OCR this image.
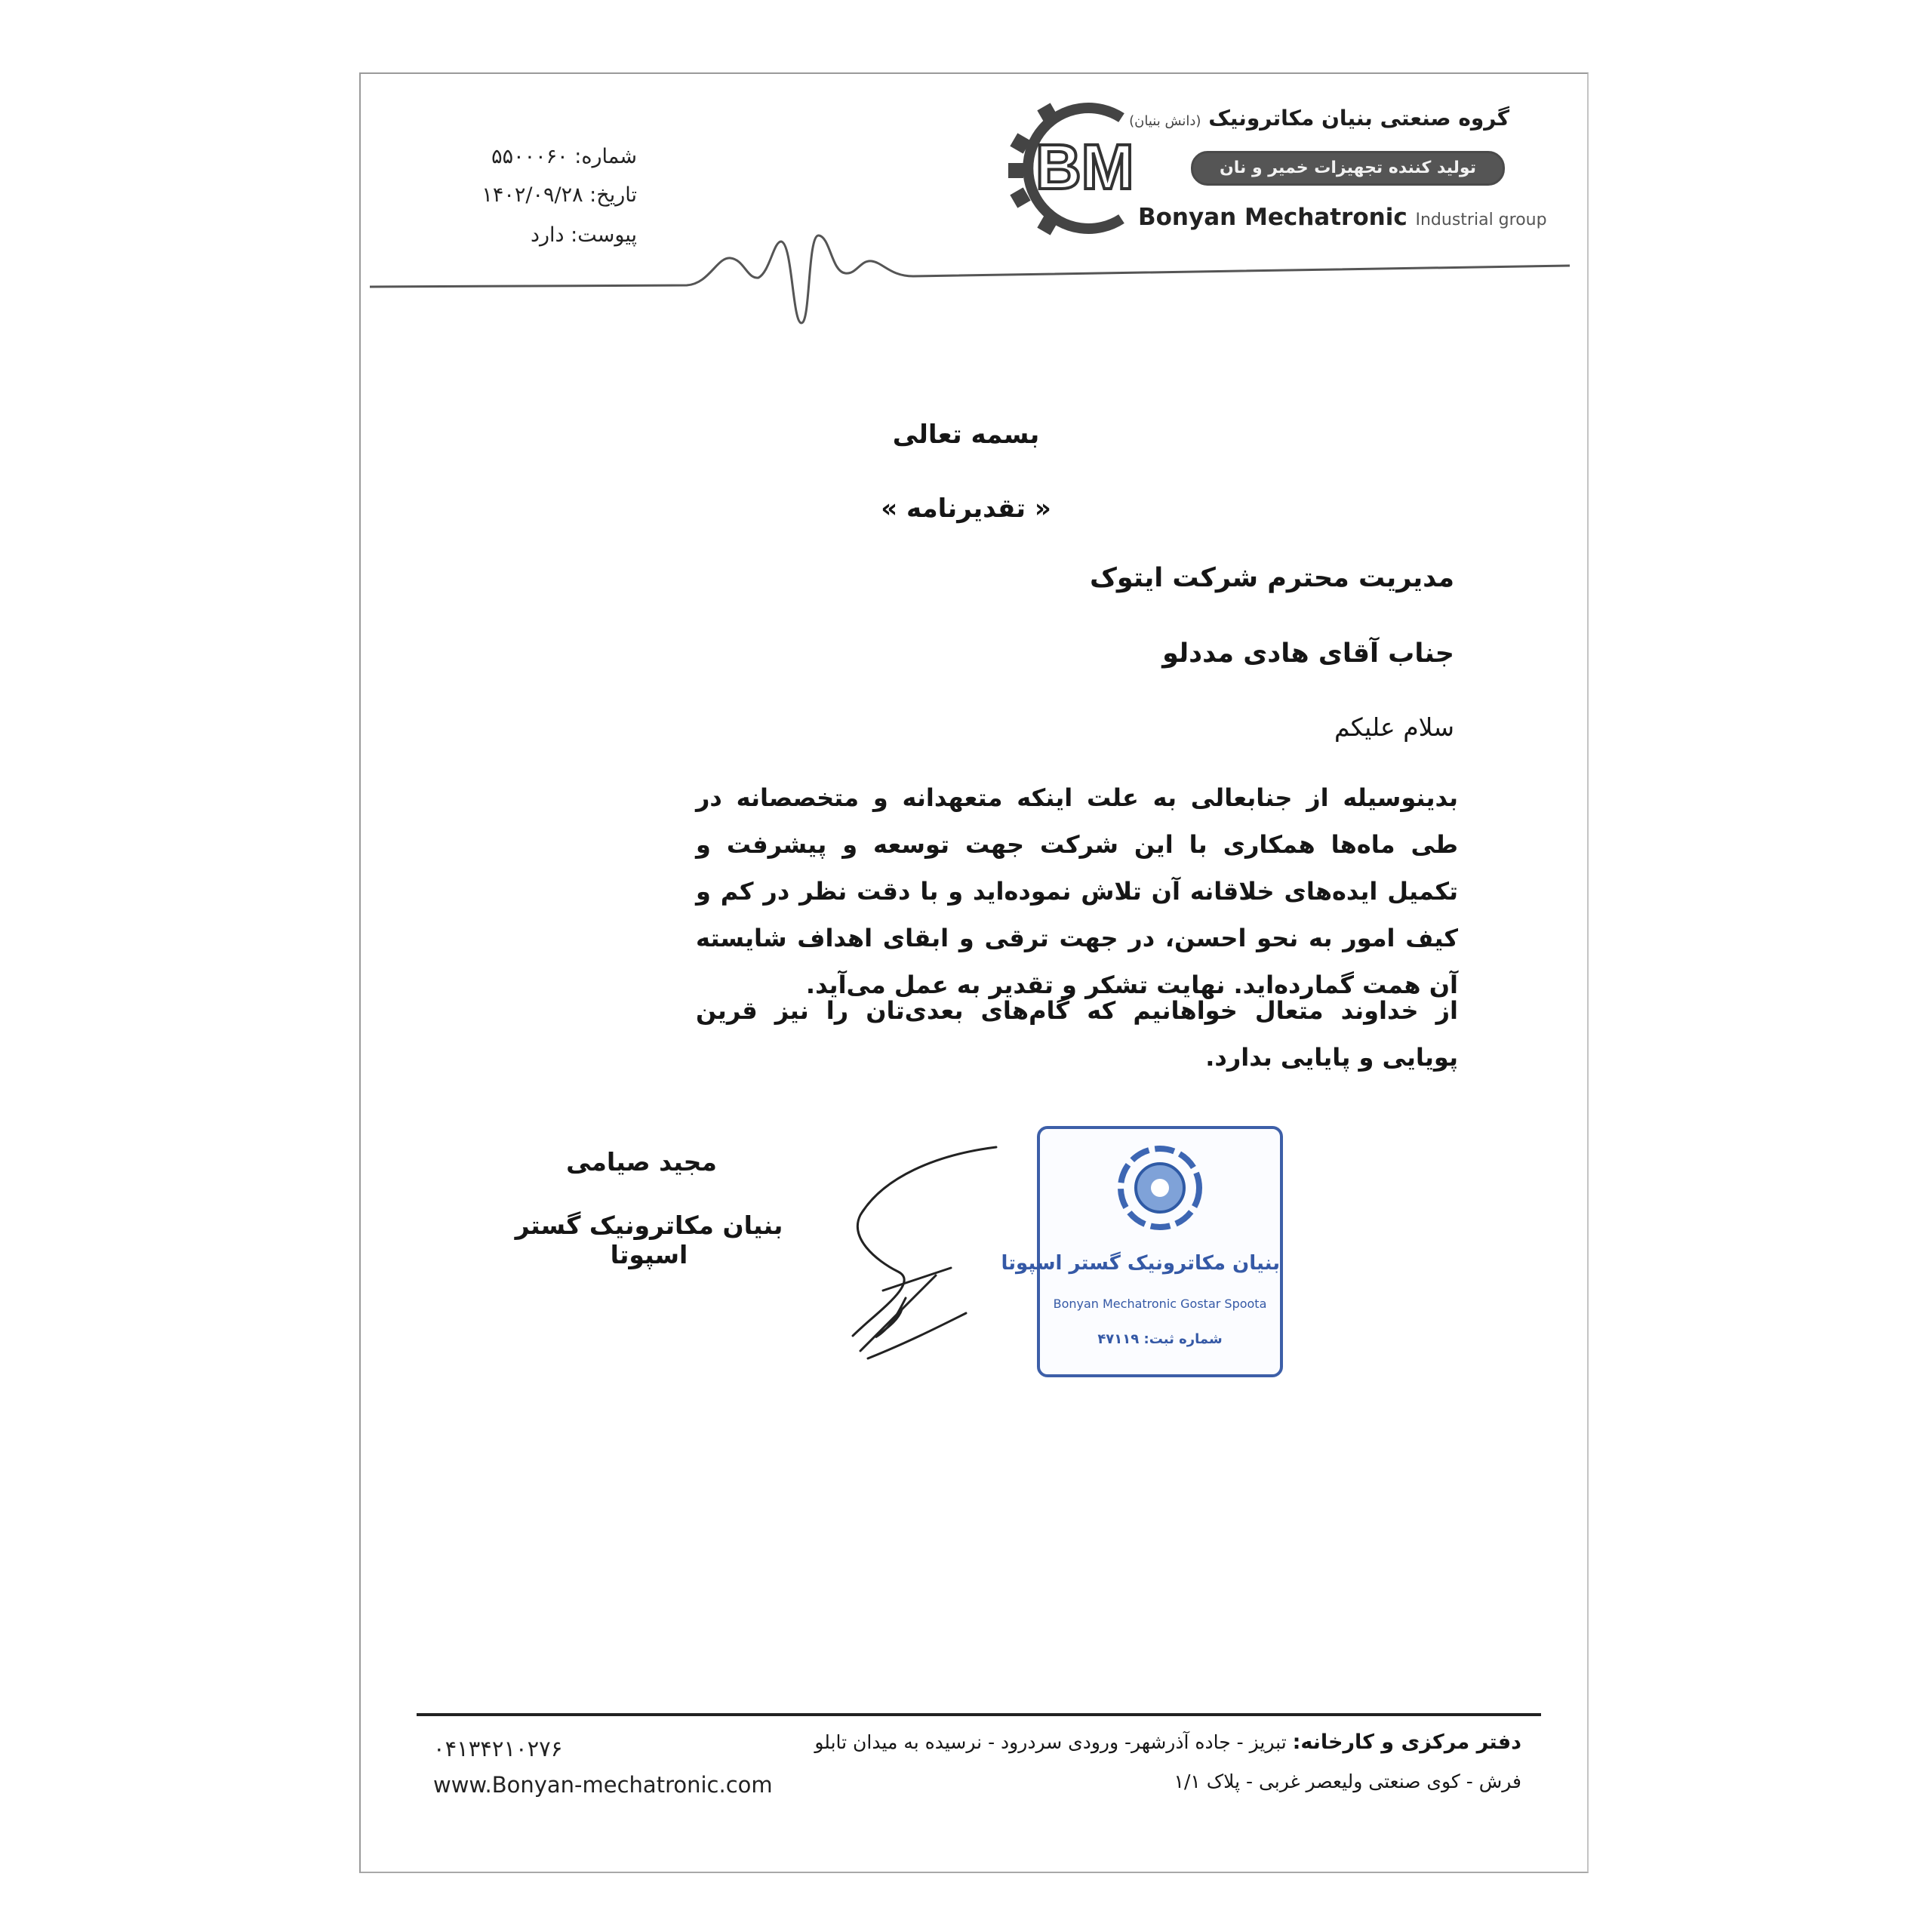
شماره: ۵۵۰۰۰۶۰
تاریخ: ۱۴۰۲/۰۹/۲۸
پیوست: دارد
BM
گروه صنعتی بنیان مکاترونیک (دانش بنیان)
تولید کننده تجهیزات خمیر و نان
Bonyan Mechatronic Industrial group
بسمه تعالی
« تقدیرنامه »
مدیریت محترم شرکت ایتوک
جناب آقای هادی مددلو
سلام علیکم
بدینوسیله از جنابعالی به علت اینکه متعهدانه و متخصصانه در طی ماه‌ها همکاری با این شرکت جهت توسعه و پیشرفت و تکمیل ایده‌های خلاقانه آن تلاش نموده‌اید و با دقت نظر در کم و کیف امور به نحو احسن، در جهت ترقی و ابقای اهداف شایسته آن همت گمارده‌اید. نهایت تشکر و تقدیر به عمل می‌آید.
از خداوند متعال خواهانیم که گام‌های بعدی‌تان را نیز قرین پویایی و پایایی بدارد.
مجید صیامی
بنیان مکاترونیک گستر اسپوتا	بنیان مکاترونیک گستر اسپوتا
Bonyan Mechatronic Gostar Spoota
شماره ثبت: ۴۷۱۱۹
دفتر مرکزی و کارخانه: تبریز - جاده آذرشهر- ورودی سردرود - نرسیده به میدان تابلو
فرش - کوی صنعتی ولیعصر غربی - پلاک ۱/۱
۰۴۱۳۴۲۱۰۲۷۶
www.Bonyan-mechatronic.com
